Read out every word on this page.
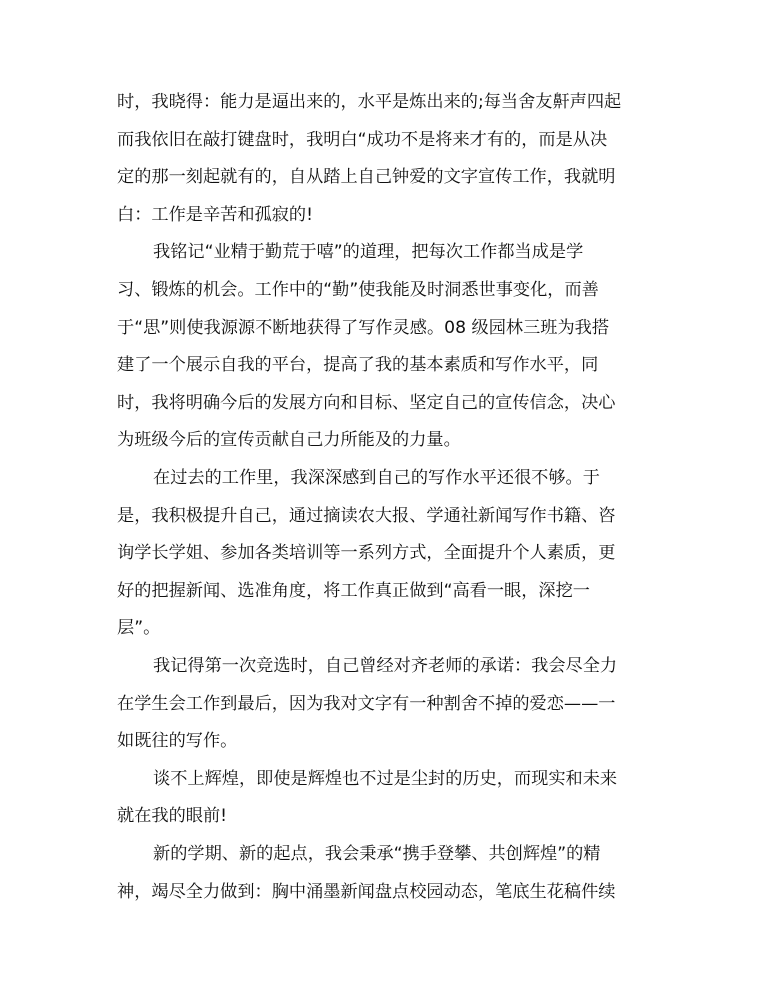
时，我晓得：能力是逼出来的，水平是炼出来的;每当舍友鼾声四起
而我依旧在敲打键盘时，我明白“成功不是将来才有的，而是从决
定的那一刻起就有的，自从踏上自己钟爱的文字宣传工作，我就明
白：工作是辛苦和孤寂的!
我铭记“业精于勤荒于嘻”的道理，把每次工作都当成是学
习、锻炼的机会。工作中的“勤”使我能及时洞悉世事变化，而善
于“思”则使我源源不断地获得了写作灵感。08 级园林三班为我搭
建了一个展示自我的平台，提高了我的基本素质和写作水平，同
时，我将明确今后的发展方向和目标、坚定自己的宣传信念，决心
为班级今后的宣传贡献自己力所能及的力量。
在过去的工作里，我深深感到自己的写作水平还很不够。于
是，我积极提升自己，通过摘读农大报、学通社新闻写作书籍、咨
询学长学姐、参加各类培训等一系列方式，全面提升个人素质，更
好的把握新闻、选准角度，将工作真正做到“高看一眼，深挖一
层”。
我记得第一次竞选时，自己曾经对齐老师的承诺：我会尽全力
在学生会工作到最后，因为我对文字有一种割舍不掉的爱恋——一
如既往的写作。
谈不上辉煌，即使是辉煌也不过是尘封的历史，而现实和未来
就在我的眼前!
新的学期、新的起点，我会秉承“携手登攀、共创辉煌”的精
神，竭尽全力做到：胸中涌墨新闻盘点校园动态，笔底生花稿件续
